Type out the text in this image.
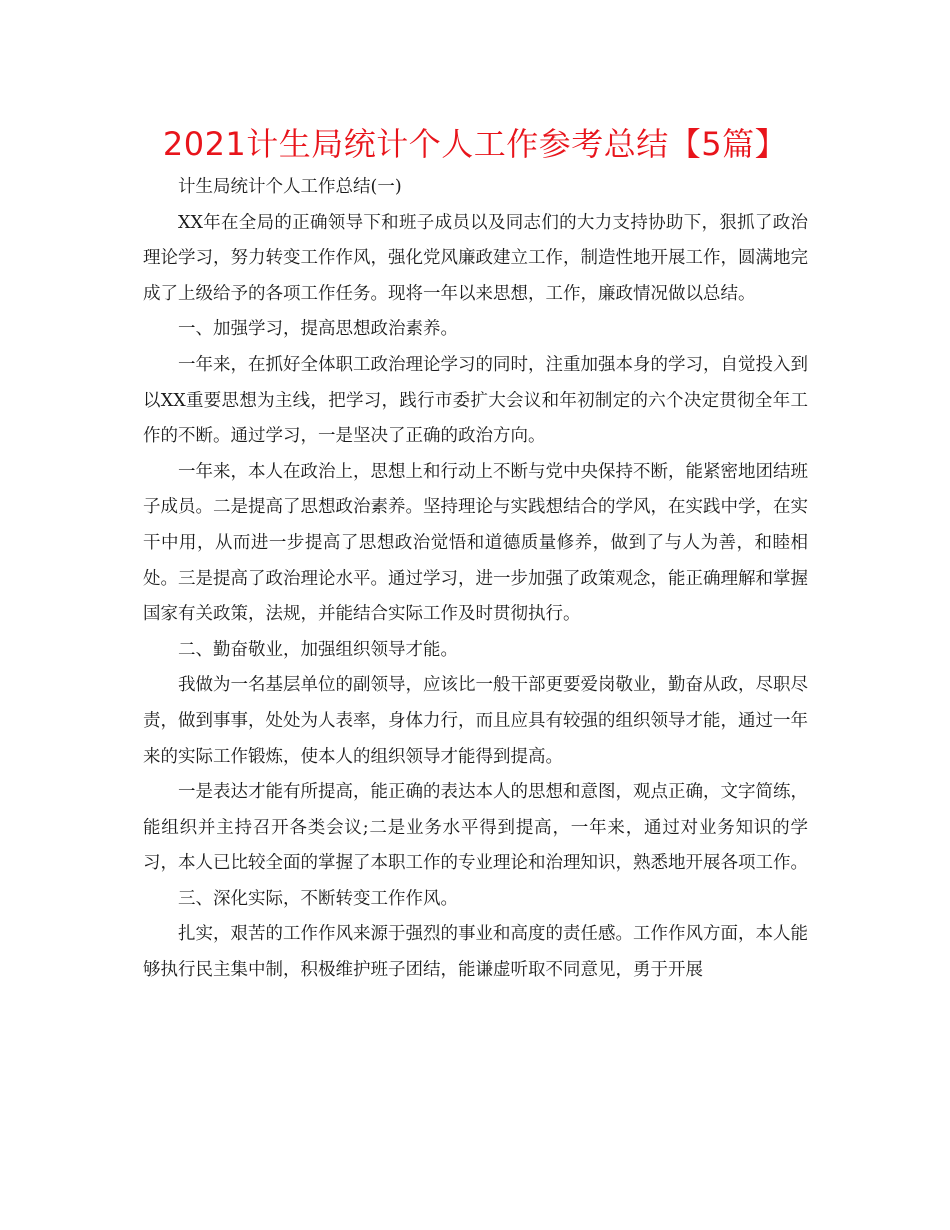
2021计生局统计个人工作参考总结【5篇】

计生局统计个人工作总结(一)

XX年在全局的正确领导下和班子成员以及同志们的大力支持协助下，狠抓了政治理论学习，努力转变工作作风，强化党风廉政建立工作，制造性地开展工作，圆满地完成了上级给予的各项工作任务。现将一年以来思想，工作，廉政情况做以总结。

一、加强学习，提高思想政治素养。

一年来，在抓好全体职工政治理论学习的同时，注重加强本身的学习，自觉投入到以XX重要思想为主线，把学习，践行市委扩大会议和年初制定的六个决定贯彻全年工作的不断。通过学习，一是坚决了正确的政治方向。

一年来，本人在政治上，思想上和行动上不断与党中央保持不断，能紧密地团结班子成员。二是提高了思想政治素养。坚持理论与实践想结合的学风，在实践中学，在实干中用，从而进一步提高了思想政治觉悟和道德质量修养，做到了与人为善，和睦相处。三是提高了政治理论水平。通过学习，进一步加强了政策观念，能正确理解和掌握国家有关政策，法规，并能结合实际工作及时贯彻执行。

二、勤奋敬业，加强组织领导才能。

我做为一名基层单位的副领导，应该比一般干部更要爱岗敬业，勤奋从政，尽职尽责，做到事事，处处为人表率，身体力行，而且应具有较强的组织领导才能，通过一年来的实际工作锻炼，使本人的组织领导才能得到提高。

一是表达才能有所提高，能正确的表达本人的思想和意图，观点正确，文字简练，能组织并主持召开各类会议;二是业务水平得到提高，一年来，通过对业务知识的学习，本人已比较全面的掌握了本职工作的专业理论和治理知识，熟悉地开展各项工作。

三、深化实际，不断转变工作作风。

扎实，艰苦的工作作风来源于强烈的事业和高度的责任感。工作作风方面，本人能够执行民主集中制，积极维护班子团结，能谦虚听取不同意见，勇于开展
